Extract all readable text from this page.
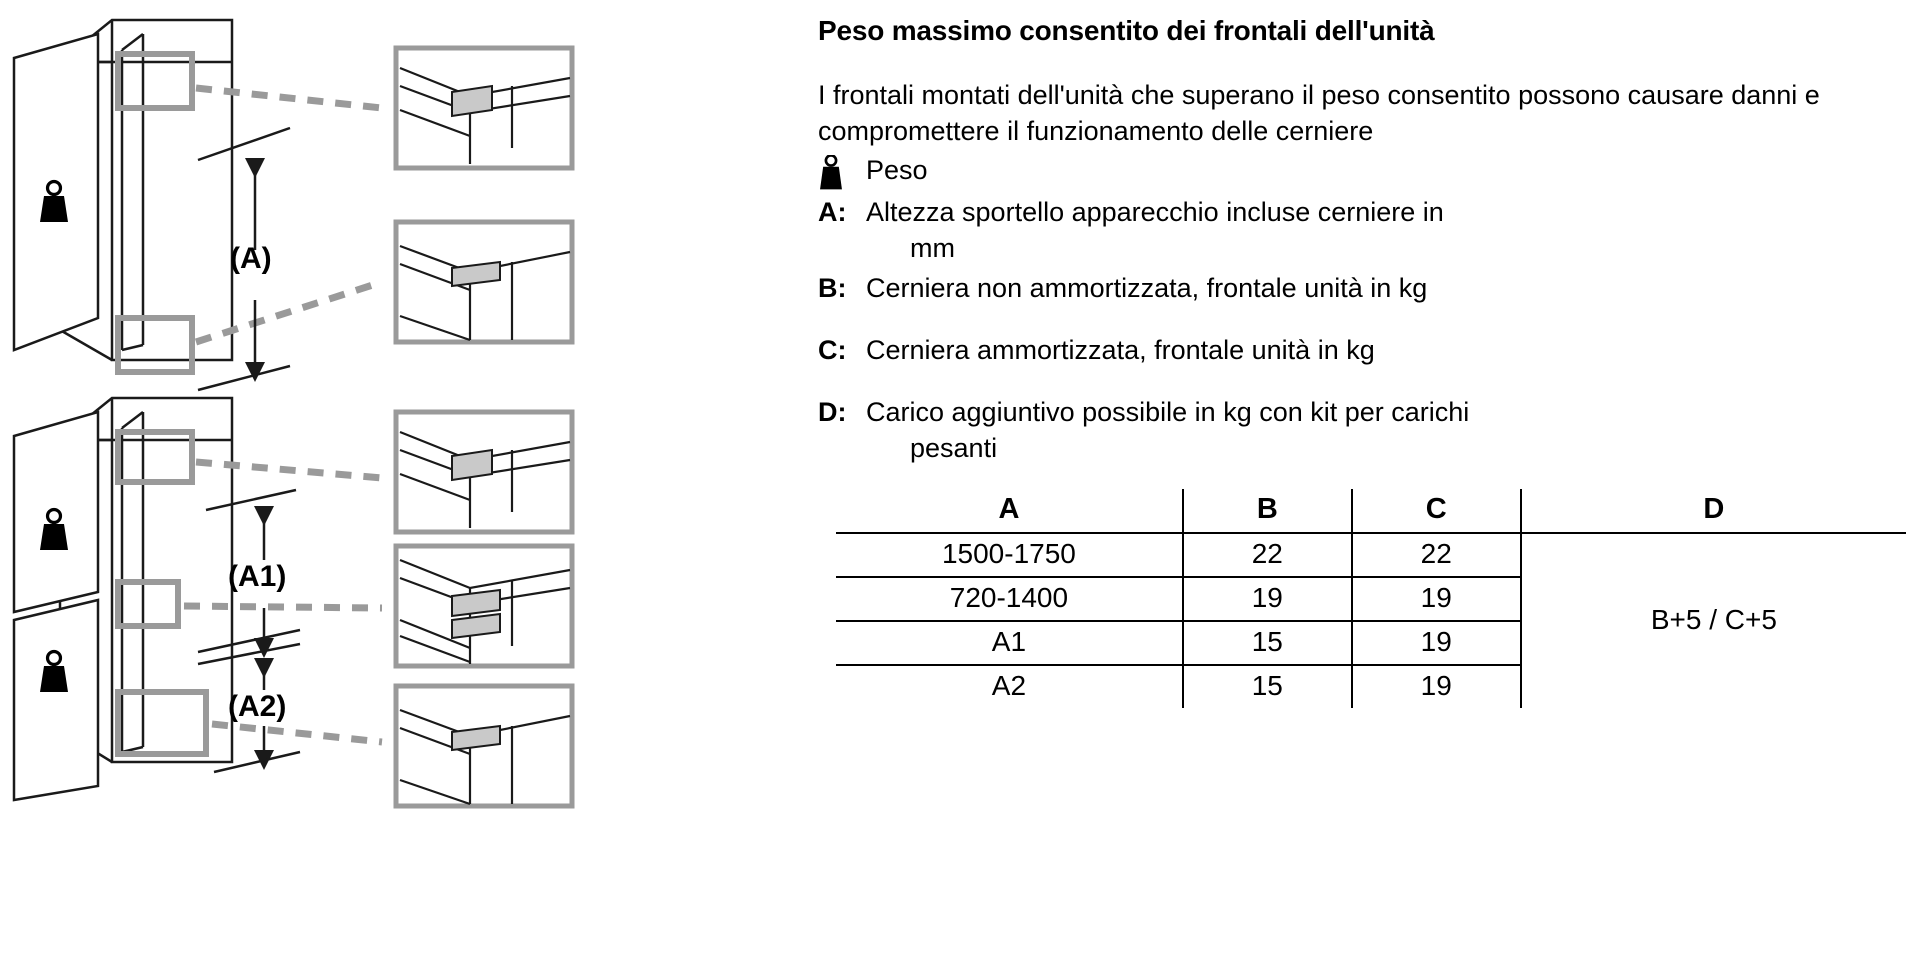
(A)
(A1)
(A2)
Peso massimo consentito dei frontali dell'unità

I frontali montati dell'unità che superano il peso consentito possono causare danni e compromettere il funzionamento delle cerniere

Peso
A: Altezza sportello apparecchio incluse cerniere in
mm
B: Cerniera non ammortizzata, frontale unità in kg
C: Cerniera ammortizzata, frontale unità in kg
D: Carico aggiuntivo possibile in kg con kit per carichi
pesanti
A	B	C	D
1500-1750	22	22	B+5 / C+5
720-1400	19	19	
A1	15	19	
A2	15	19	
